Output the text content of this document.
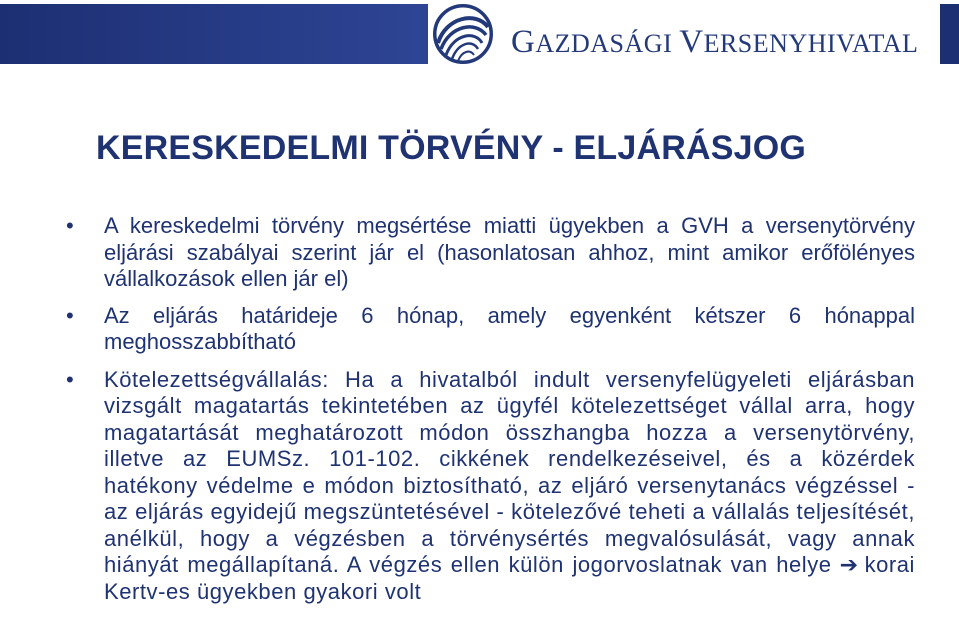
GAZDASÁGI VERSENYHIVATAL
KERESKEDELMI TÖRVÉNY - ELJÁRÁSJOG
• A kereskedelmi törvény megsértése miatti ügyekben a GVH a versenytörvény eljárási szabályai szerint jár el (hasonlatosan ahhoz, mint amikor erőfölényes vállalkozások ellen jár el)

• Az eljárás határideje 6 hónap, amely egyenként kétszer 6 hónappal meghosszabbítható

• Kötelezettségvállalás: Ha a hivatalból indult versenyfelügyeleti eljárásban vizsgált magatartás tekintetében az ügyfél kötelezettséget vállal arra, hogy magatartását meghatározott módon összhangba hozza a versenytörvény, illetve az EUMSz. 101-102. cikkének rendelkezéseivel, és a közérdek hatékony védelme e módon biztosítható, az eljáró versenytanács végzéssel - az eljárás egyidejű megszüntetésével - kötelezővé teheti a vállalás teljesítését, anélkül, hogy a végzésben a törvénysértés megvalósulását, vagy annak hiányát megállapítaná. A végzés ellen külön jogorvoslatnak van helye ➔ korai Kertv-es ügyekben gyakori volt
